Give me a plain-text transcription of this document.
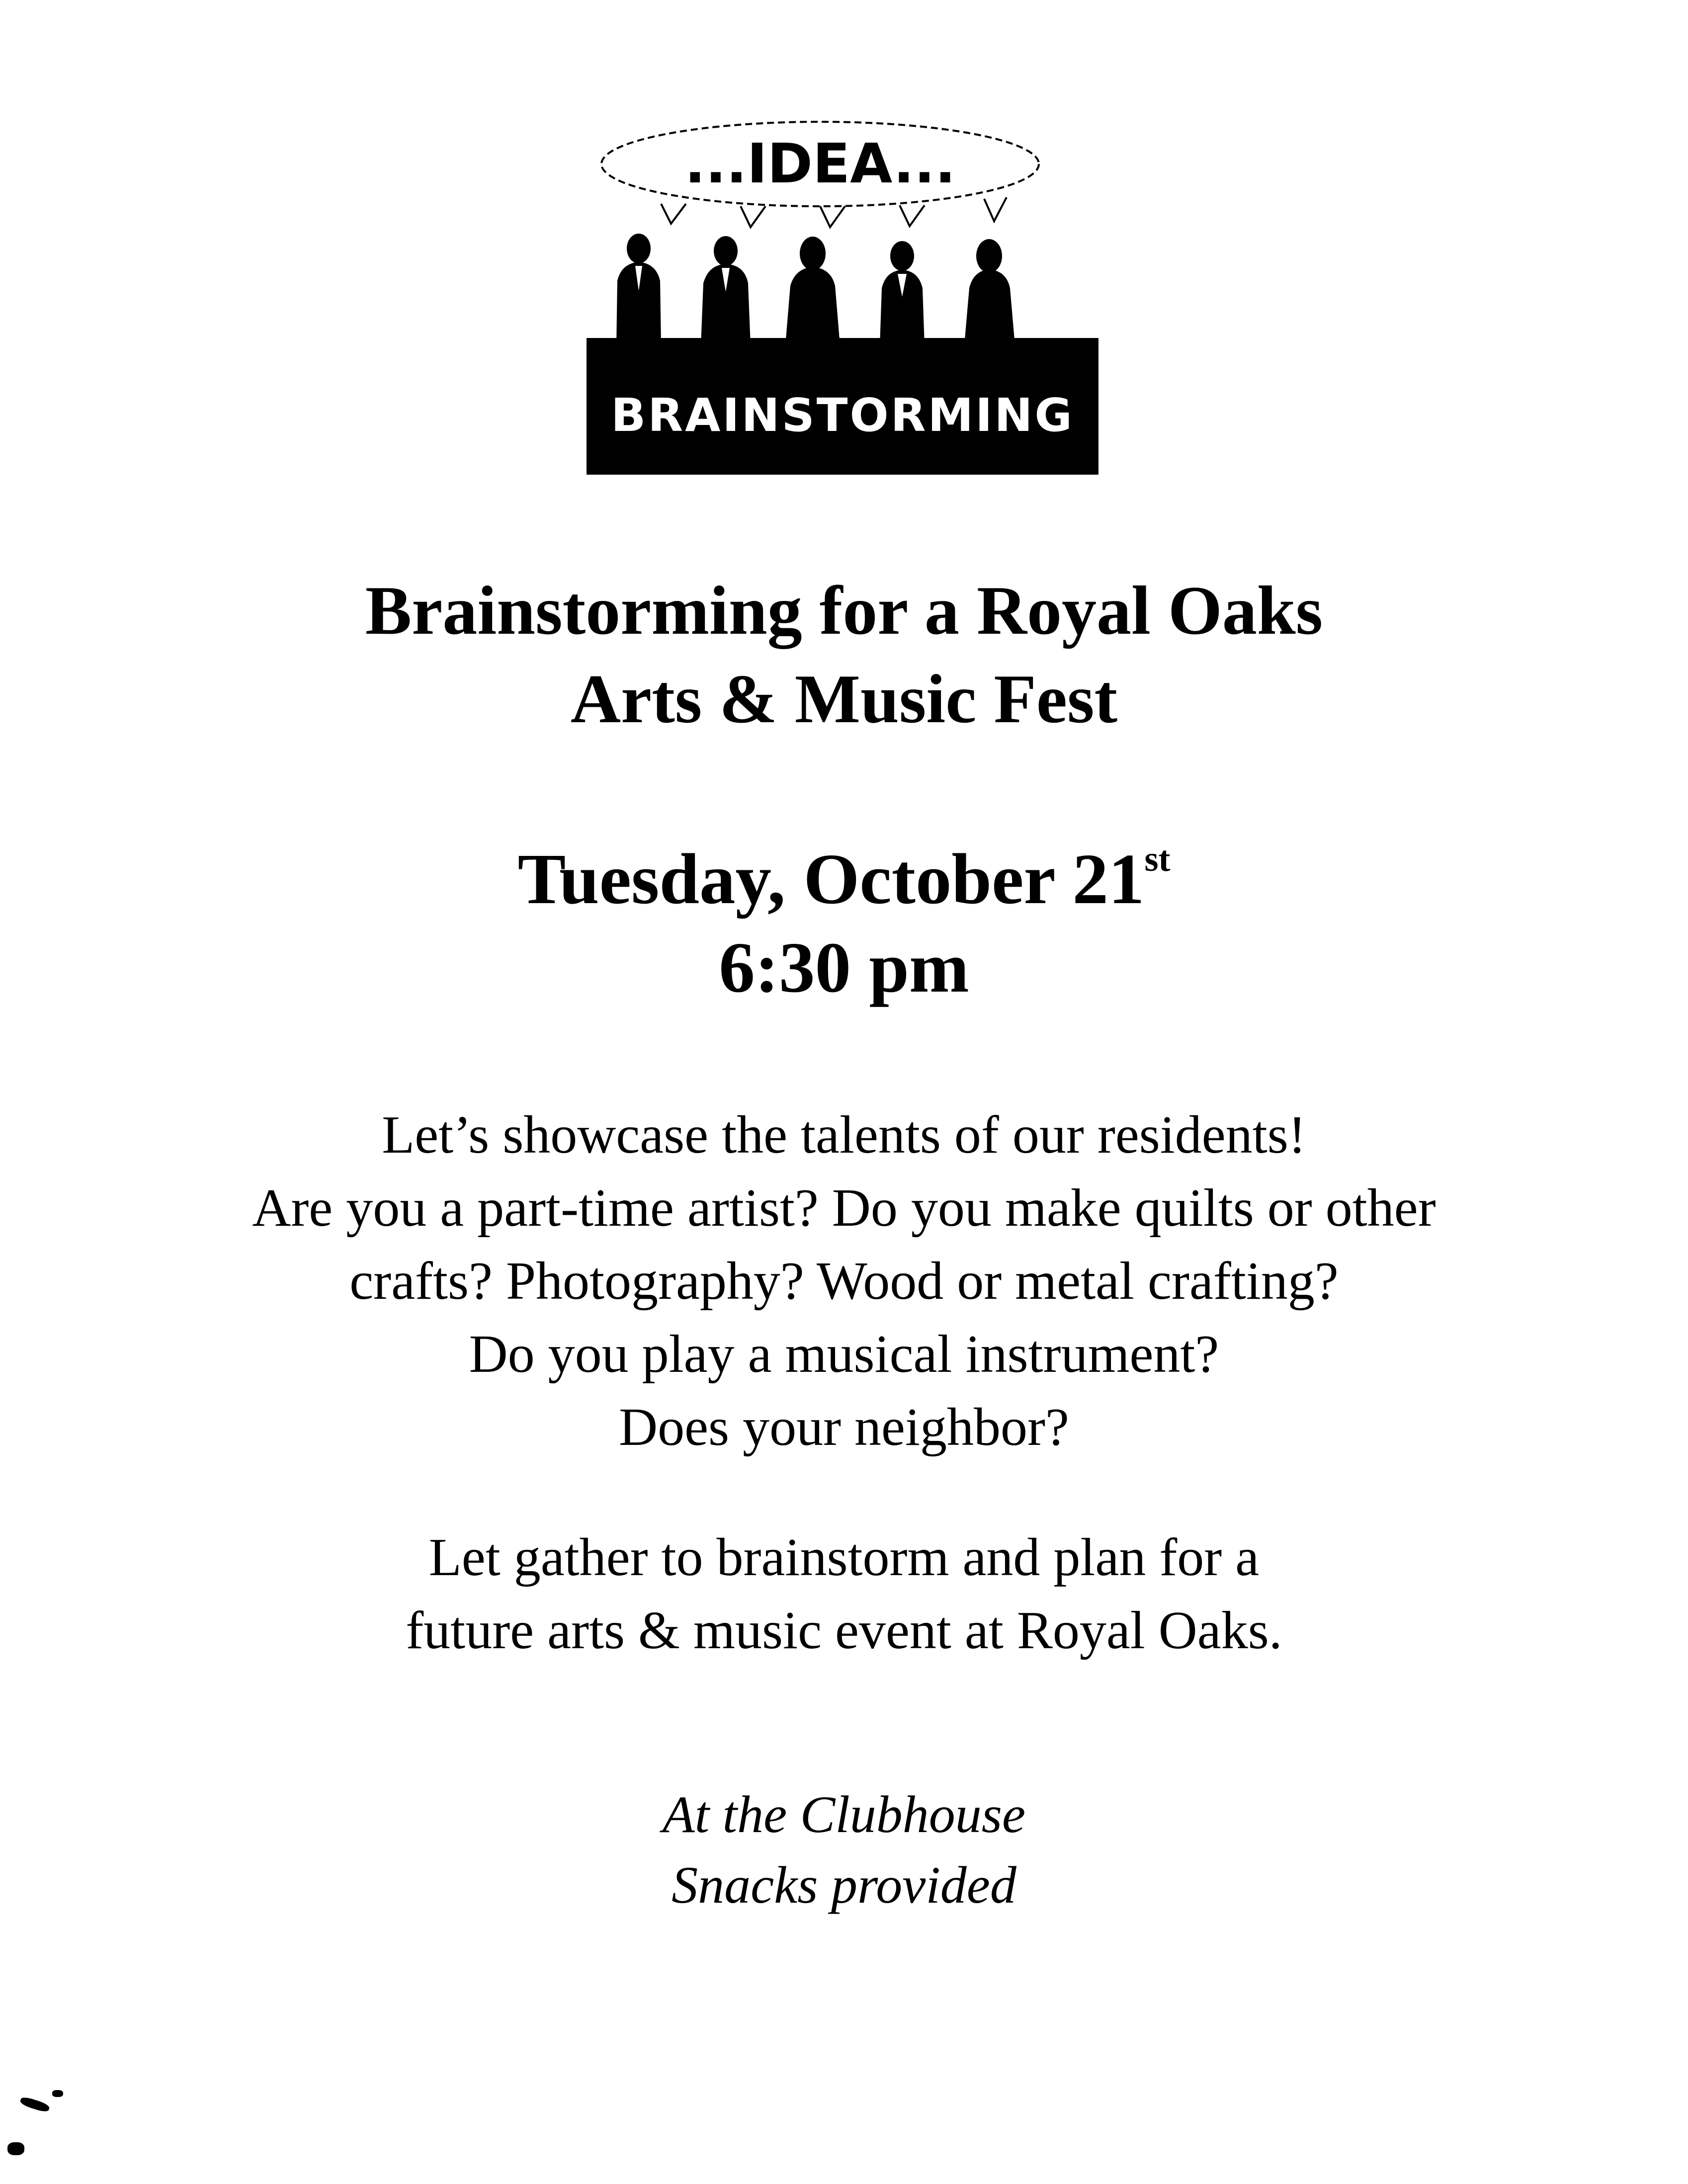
...IDEA...
BRAINSTORMING
Brainstorming for a Royal Oaks
Arts & Music Fest
Tuesday, October 21st
6:30 pm
Let’s showcase the talents of our residents!
Are you a part-time artist? Do you make quilts or other
crafts? Photography? Wood or metal crafting?
Do you play a musical instrument?
Does your neighbor?
Let gather to brainstorm and plan for a
future arts & music event at Royal Oaks.
At the Clubhouse
Snacks provided
